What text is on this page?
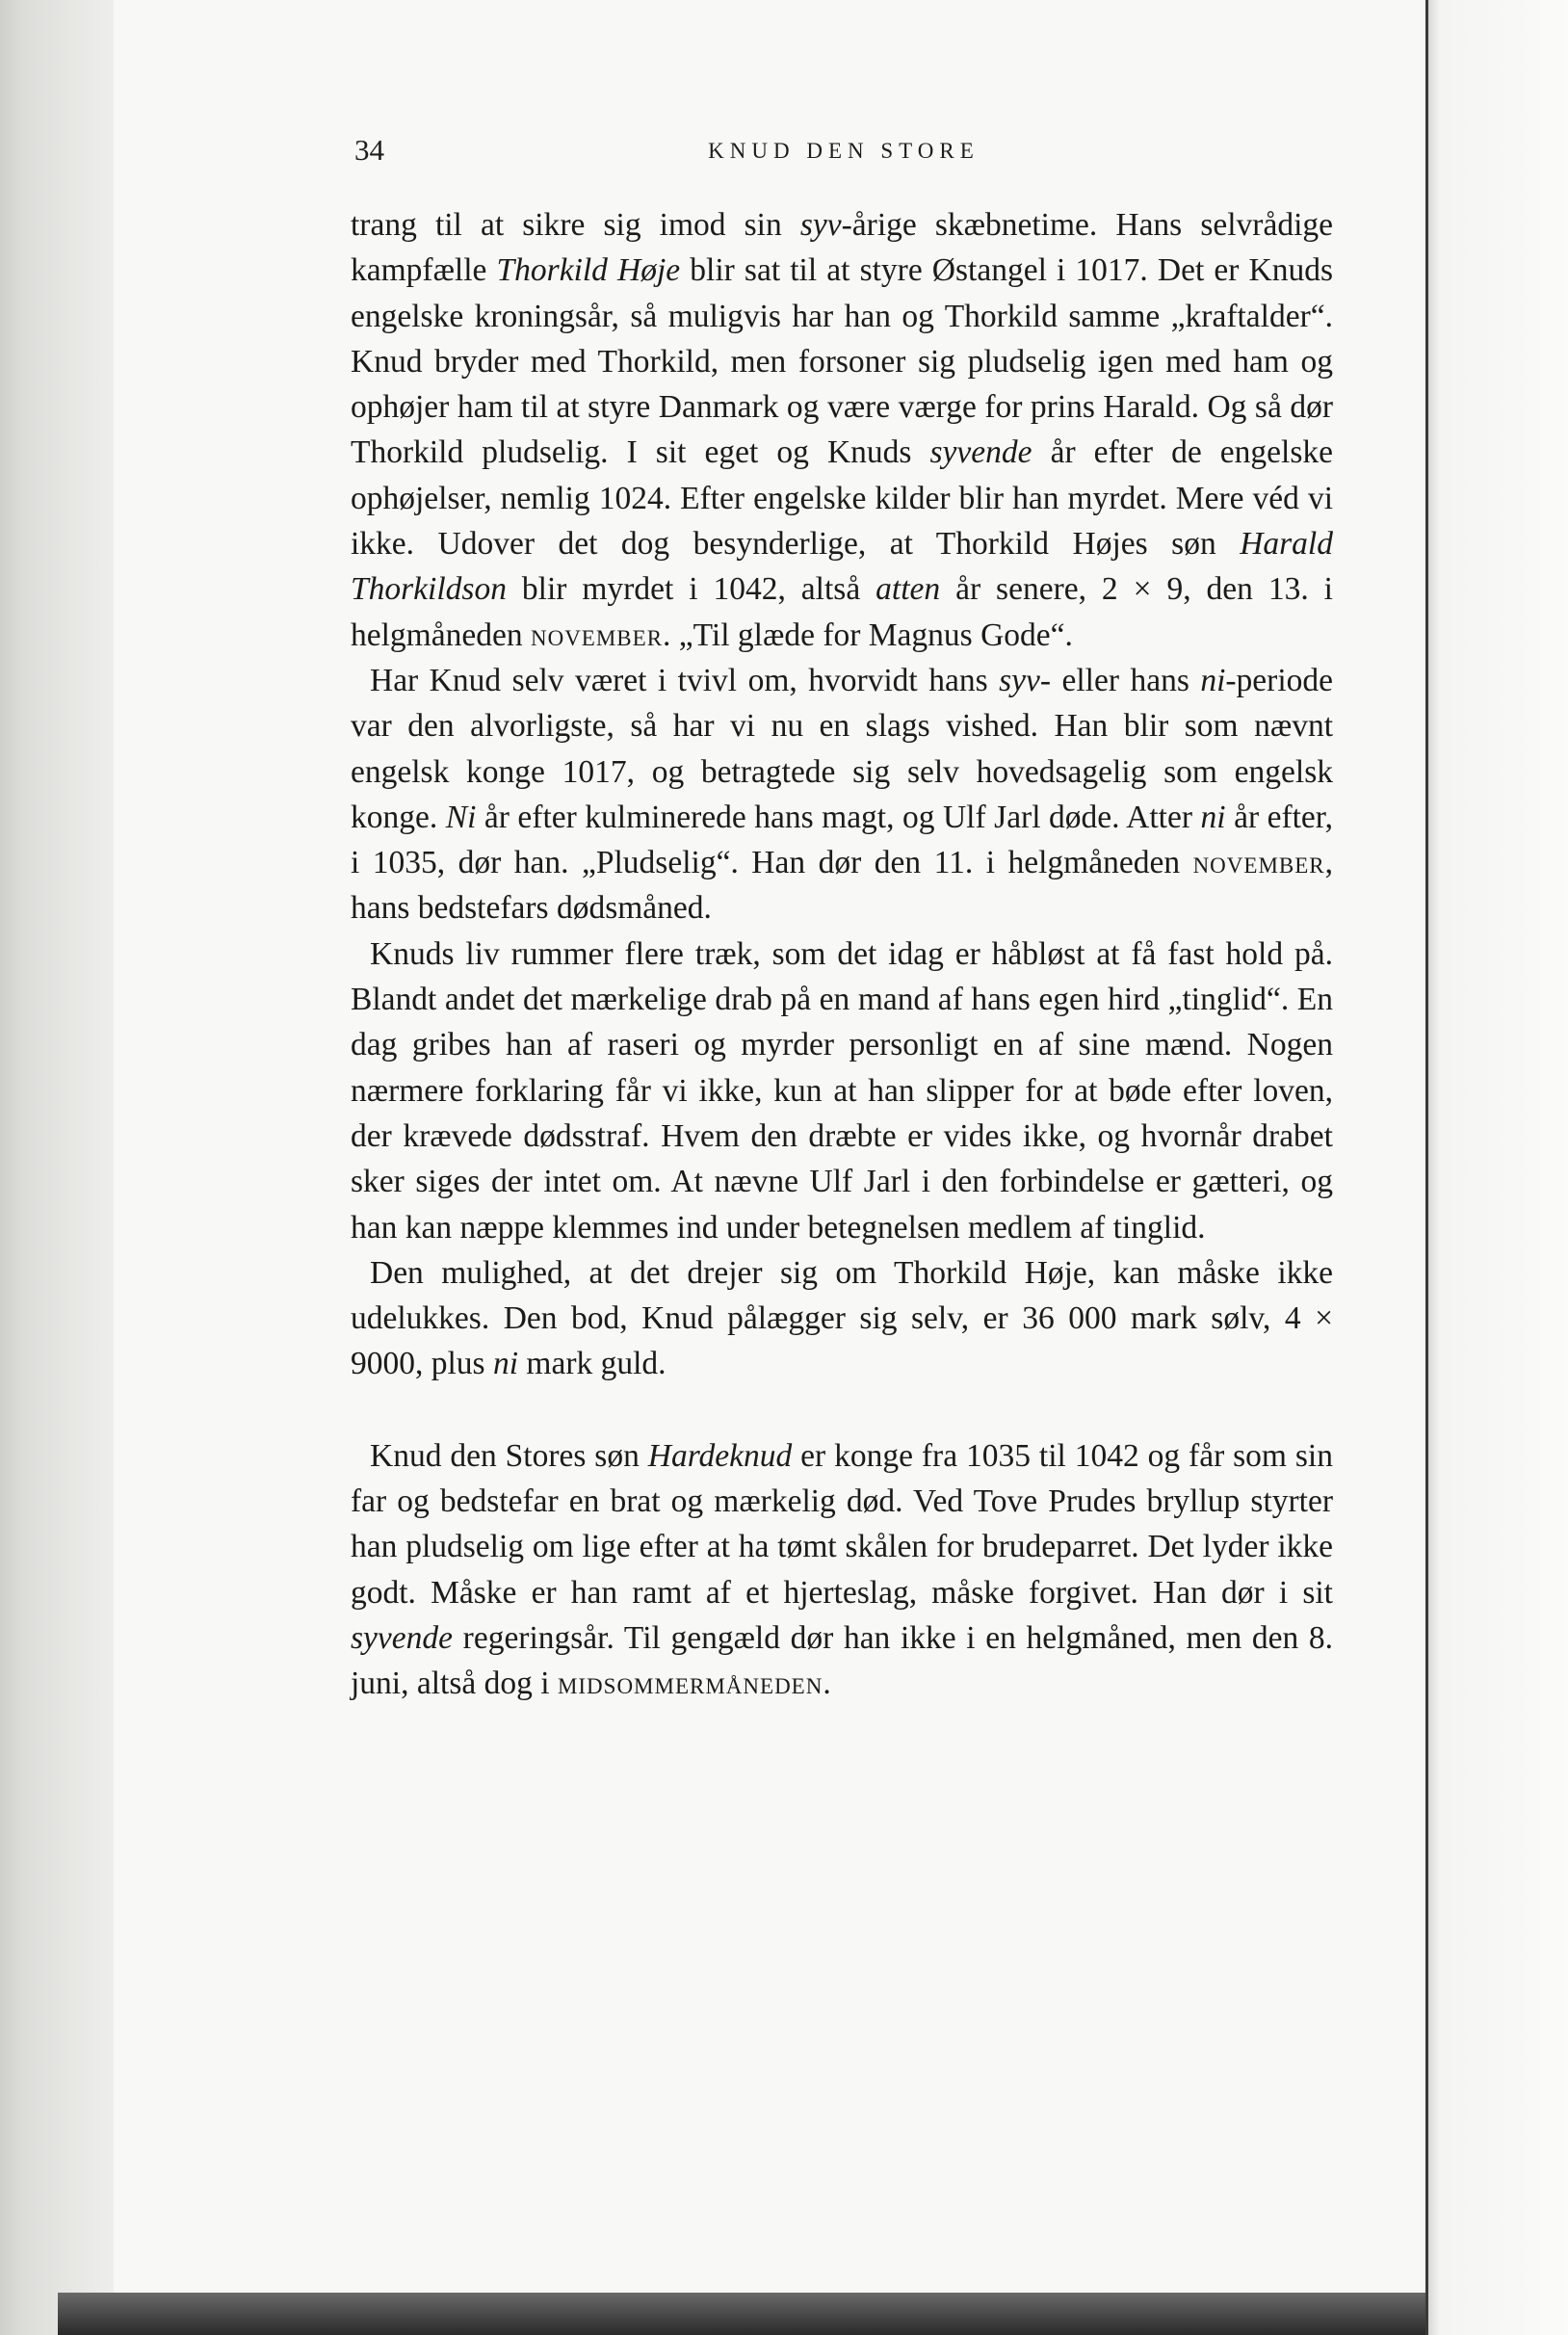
34	KNUD DEN STORE

trang til at sikre sig imod sin syv-årige skæbnetime. Hans selvrådige kampfælle Thorkild Høje blir sat til at styre Østangel i 1017. Det er Knuds engelske kroningsår, så muligvis har han og Thorkild samme „kraftalder“. Knud bryder med Thorkild, men forsoner sig pludselig igen med ham og ophøjer ham til at styre Danmark og være værge for prins Harald. Og så dør Thorkild pludselig. I sit eget og Knuds syvende år efter de engelske ophøjelser, nemlig 1024. Efter engelske kilder blir han myrdet. Mere véd vi ikke. Udover det dog besynderlige, at Thorkild Højes søn Harald Thorkildson blir myrdet i 1042, altså atten år senere, 2 × 9, den 13. i helgmåneden november. „Til glæde for Magnus Gode“.

Har Knud selv været i tvivl om, hvorvidt hans syv- eller hans ni-periode var den alvorligste, så har vi nu en slags vished. Han blir som nævnt engelsk konge 1017, og betragtede sig selv hovedsagelig som engelsk konge. Ni år efter kulminerede hans magt, og Ulf Jarl døde. Atter ni år efter, i 1035, dør han. „Pludselig“. Han dør den 11. i helgmåneden november, hans bedstefars dødsmåned.

Knuds liv rummer flere træk, som det idag er håbløst at få fast hold på. Blandt andet det mærkelige drab på en mand af hans egen hird „tinglid“. En dag gribes han af raseri og myrder personligt en af sine mænd. Nogen nærmere forklaring får vi ikke, kun at han slipper for at bøde efter loven, der krævede dødsstraf. Hvem den dræbte er vides ikke, og hvornår drabet sker siges der intet om. At nævne Ulf Jarl i den forbindelse er gætteri, og han kan næppe klemmes ind under betegnelsen medlem af tinglid.

Den mulighed, at det drejer sig om Thorkild Høje, kan måske ikke udelukkes. Den bod, Knud pålægger sig selv, er 36 000 mark sølv, 4 × 9000, plus ni mark guld.

Knud den Stores søn Hardeknud er konge fra 1035 til 1042 og får som sin far og bedstefar en brat og mærkelig død. Ved Tove Prudes bryllup styrter han pludselig om lige efter at ha tømt skålen for brudeparret. Det lyder ikke godt. Måske er han ramt af et hjerteslag, måske forgivet. Han dør i sit syvende regeringsår. Til gengæld dør han ikke i en helgmåned, men den 8. juni, altså dog i midsommermåneden.
